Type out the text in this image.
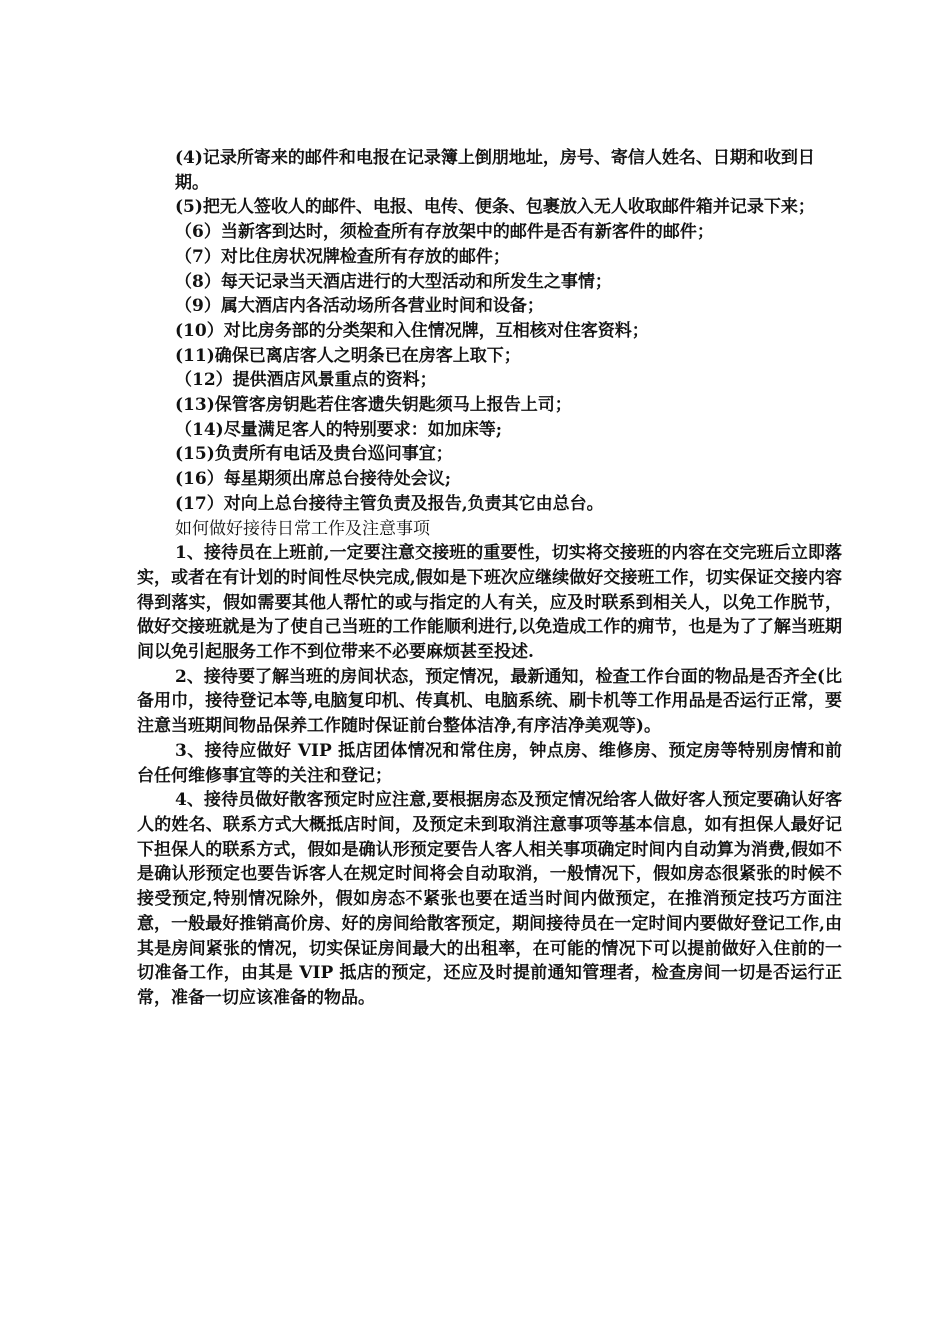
(4)记录所寄来的邮件和电报在记录簿上倒朋地址，房号、寄信人姓名、日期和收到日期。

(5)把无人签收人的邮件、电报、电传、便条、包裹放入无人收取邮件箱并记录下来；

（6）当新客到达时，须检查所有存放架中的邮件是否有新客件的邮件；

（7）对比住房状况牌检查所有存放的邮件；

（8）每天记录当天酒店进行的大型活动和所发生之事情；

（9）属大酒店内各活动场所各营业时间和设备；

(10）对比房务部的分类架和入住情况牌，互相核对住客资料；

(11)确保已离店客人之明条已在房客上取下；

（12）提供酒店风景重点的资料；

(13)保管客房钥匙若住客遗失钥匙须马上报告上司；

（14)尽量满足客人的特别要求：如加床等;

(15)负责所有电话及贵台巡问事宜；

(16）每星期须出席总台接待处会议;

(17）对向上总台接待主管负责及报告,负责其它由总台。

如何做好接待日常工作及注意事项

1、接待员在上班前,一定要注意交接班的重要性，切实将交接班的内容在交完班后立即落实，或者在有计划的时间性尽快完成,假如是下班次应继续做好交接班工作，切实保证交接内容得到落实，假如需要其他人帮忙的或与指定的人有关，应及时联系到相关人，以免工作脱节，做好交接班就是为了使自己当班的工作能顺利进行,以免造成工作的痈节，也是为了了解当班期间以免引起服务工作不到位带来不必要麻烦甚至投述.

2、接待要了解当班的房间状态，预定情况，最新通知，检查工作台面的物品是否齐全(比备用巾，接待登记本等,电脑复印机、传真机、电脑系统、刷卡机等工作用品是否运行正常，要注意当班期间物品保养工作随时保证前台整体洁净,有序洁净美观等)。

3、接待应做好 VIP 抵店团体情况和常住房，钟点房、维修房、预定房等特别房情和前台任何维修事宜等的关注和登记；

4、接待员做好散客预定时应注意,要根据房态及预定情况给客人做好客人预定要确认好客人的姓名、联系方式大概抵店时间，及预定未到取消注意事项等基本信息，如有担保人最好记下担保人的联系方式，假如是确认形预定要告人客人相关事项确定时间内自动算为消费,假如不是确认形预定也要告诉客人在规定时间将会自动取消，一般情况下，假如房态很紧张的时候不接受预定,特别情况除外，假如房态不紧张也要在适当时间内做预定，在推消预定技巧方面注意，一般最好推销高价房、好的房间给散客预定，期间接待员在一定时间内要做好登记工作,由其是房间紧张的情况，切实保证房间最大的出租率，在可能的情况下可以提前做好入住前的一切准备工作，由其是 VIP 抵店的预定，还应及时提前通知管理者，检查房间一切是否运行正常，准备一切应该准备的物品。
